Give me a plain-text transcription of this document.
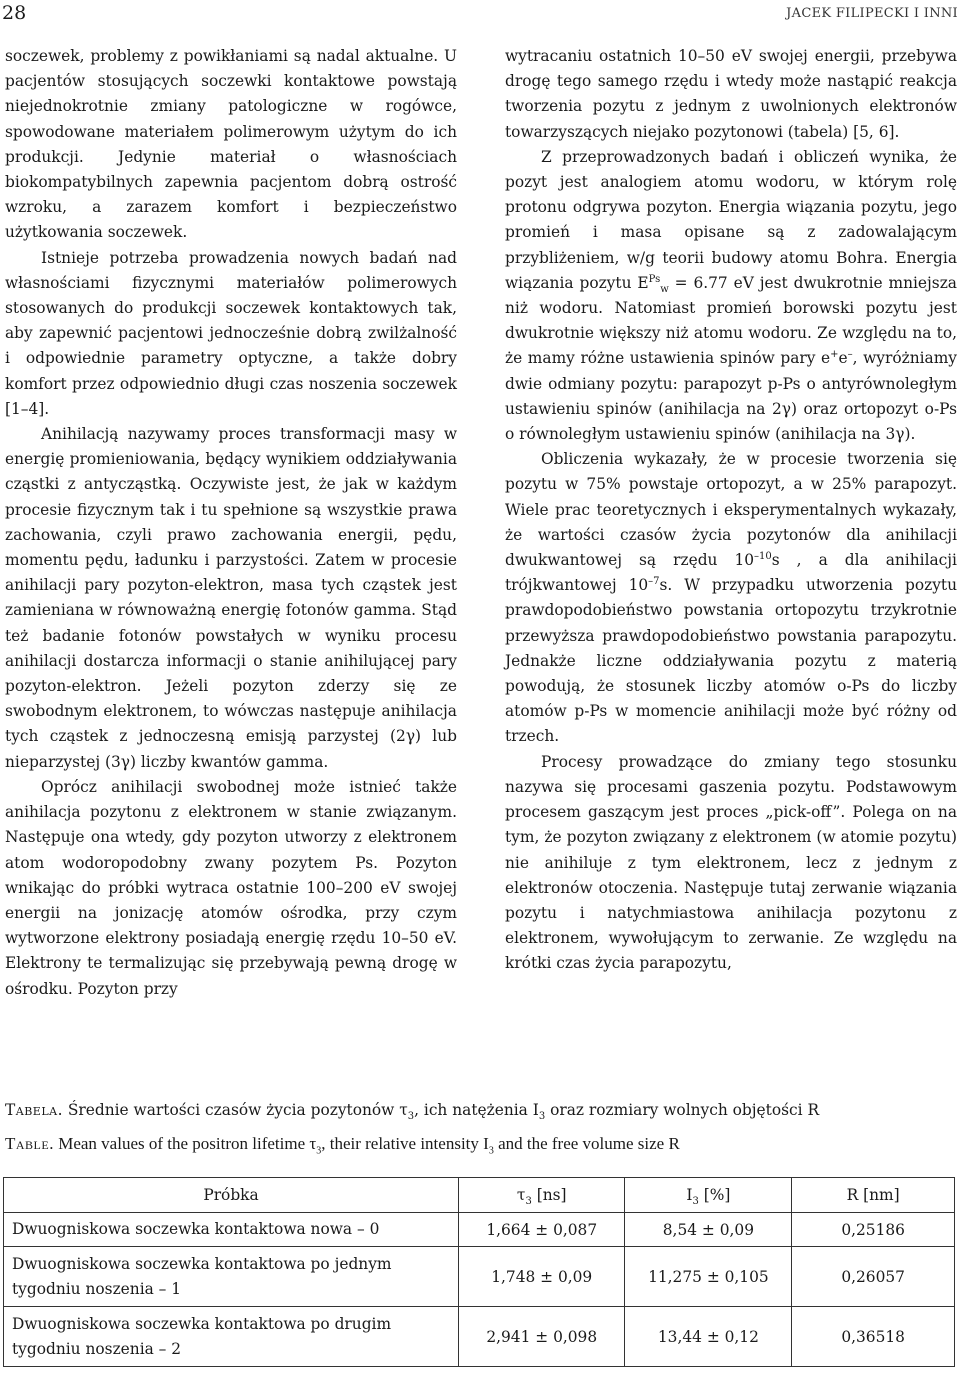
28	JACEK FILIPECKI I INNI

soczewek, problemy z powikłaniami są nadal aktualne. U pacjentów stosujących soczewki kontaktowe powstają niejednokrotnie zmiany patologiczne w rogówce, spowodowane materiałem polimerowym użytym do ich produkcji. Jedynie materiał o własnościach biokompatybilnych zapewnia pacjentom dobrą ostrość wzroku, a zarazem komfort i bezpieczeństwo użytkowania soczewek.

Istnieje potrzeba prowadzenia nowych badań nad własnościami fizycznymi materiałów polimerowych stosowanych do produkcji soczewek kontaktowych tak, aby zapewnić pacjentowi jednocześnie dobrą zwilżalność i odpowiednie parametry optyczne, a także dobry komfort przez odpowiednio długi czas noszenia soczewek [1–4].

Anihilacją nazywamy proces transformacji masy w energię promieniowania, będący wynikiem oddziaływania cząstki z antycząstką. Oczywiste jest, że jak w każdym procesie fizycznym tak i tu spełnione są wszystkie prawa zachowania, czyli prawo zachowania energii, pędu, momentu pędu, ładunku i parzystości. Zatem w procesie anihilacji pary pozyton-elektron, masa tych cząstek jest zamieniana w równoważną energię fotonów gamma. Stąd też badanie fotonów powstałych w wyniku procesu anihilacji dostarcza informacji o stanie anihilującej pary pozyton-elektron. Jeżeli pozyton zderzy się ze swobodnym elektronem, to wówczas następuje anihilacja tych cząstek z jednoczesną emisją parzystej (2γ) lub nieparzystej (3γ) liczby kwantów gamma.

Oprócz anihilacji swobodnej może istnieć także anihilacja pozytonu z elektronem w stanie związanym. Następuje ona wtedy, gdy pozyton utworzy z elektronem atom wodoropodobny zwany pozytem Ps. Pozyton wnikając do próbki wytraca ostatnie 100–200 eV swojej energii na jonizację atomów ośrodka, przy czym wytworzone elektrony posiadają energię rzędu 10–50 eV. Elektrony te termalizując się przebywają pewną drogę w ośrodku. Pozyton przy

wytracaniu ostatnich 10–50 eV swojej energii, przebywa drogę tego samego rzędu i wtedy może nastąpić reakcja tworzenia pozytu z jednym z uwolnionych elektronów towarzyszących niejako pozytonowi (tabela) [5, 6].

Z przeprowadzonych badań i obliczeń wynika, że pozyt jest analogiem atomu wodoru, w którym rolę protonu odgrywa pozyton. Energia wiązania pozytu, jego promień i masa opisane są z zadowalającym przybliżeniem, w/g teorii budowy atomu Bohra. Energia wiązania pozytu $E^{Ps}_w = 6.77$ eV jest dwukrotnie mniejsza niż wodoru. Natomiast promień borowski pozytu jest dwukrotnie większy niż atomu wodoru. Ze względu na to, że mamy różne ustawienia spinów pary e+e–, wyróżniamy dwie odmiany pozytu: parapozyt p-Ps o antyrównoległym ustawieniu spinów (anihilacja na 2γ) oraz ortopozyt o-Ps o równoległym ustawieniu spinów (anihilacja na 3γ).

Obliczenia wykazały, że w procesie tworzenia się pozytu w 75% powstaje ortopozyt, a w 25% parapozyt. Wiele prac teoretycznych i eksperymentalnych wykazały, że wartości czasów życia pozytonów dla anihilacji dwukwantowej są rzędu $10^{-10}s$ , a dla anihilacji trójkwantowej $10^{-7}s$. W przypadku utworzenia pozytu prawdopodobieństwo powstania ortopozytu trzykrotnie przewyższa prawdopodobieństwo powstania parapozytu. Jednakże liczne oddziaływania pozytu z materią powodują, że stosunek liczby atomów o-Ps do liczby atomów p-Ps w momencie anihilacji może być różny od trzech.

Procesy prowadzące do zmiany tego stosunku nazywa się procesami gaszenia pozytu. Podstawowym procesem gaszącym jest proces „pick-off”. Polega on na tym, że pozyton związany z elektronem (w atomie pozytu) nie anihiluje z tym elektronem, lecz z jednym z elektronów otoczenia. Następuje tutaj zerwanie wiązania pozytu i natychmiastowa anihilacja pozytonu z elektronem, wywołującym to zerwanie. Ze względu na krótki czas życia parapozytu,

Tabela. Średnie wartości czasów życia pozytonów $\tau_3$, ich natężenia $I_3$ oraz rozmiary wolnych objętości R
Table. Mean values of the positron lifetime $\tau_3$, their relative intensity $I_3$ and the free volume size R
Próbka	$\tau_3$ [ns]	$I_3$ [%]	R [nm]
Dwuogniskowa soczewka kontaktowa nowa – 0	1,664 ± 0,087	8,54 ± 0,09	0,25186
Dwuogniskowa soczewka kontaktowa po jednym tygodniu noszenia – 1	1,748 ± 0,09	11,275 ± 0,105	0,26057
Dwuogniskowa soczewka kontaktowa po drugim tygodniu noszenia – 2	2,941 ± 0,098	13,44 ± 0,12	0,36518
